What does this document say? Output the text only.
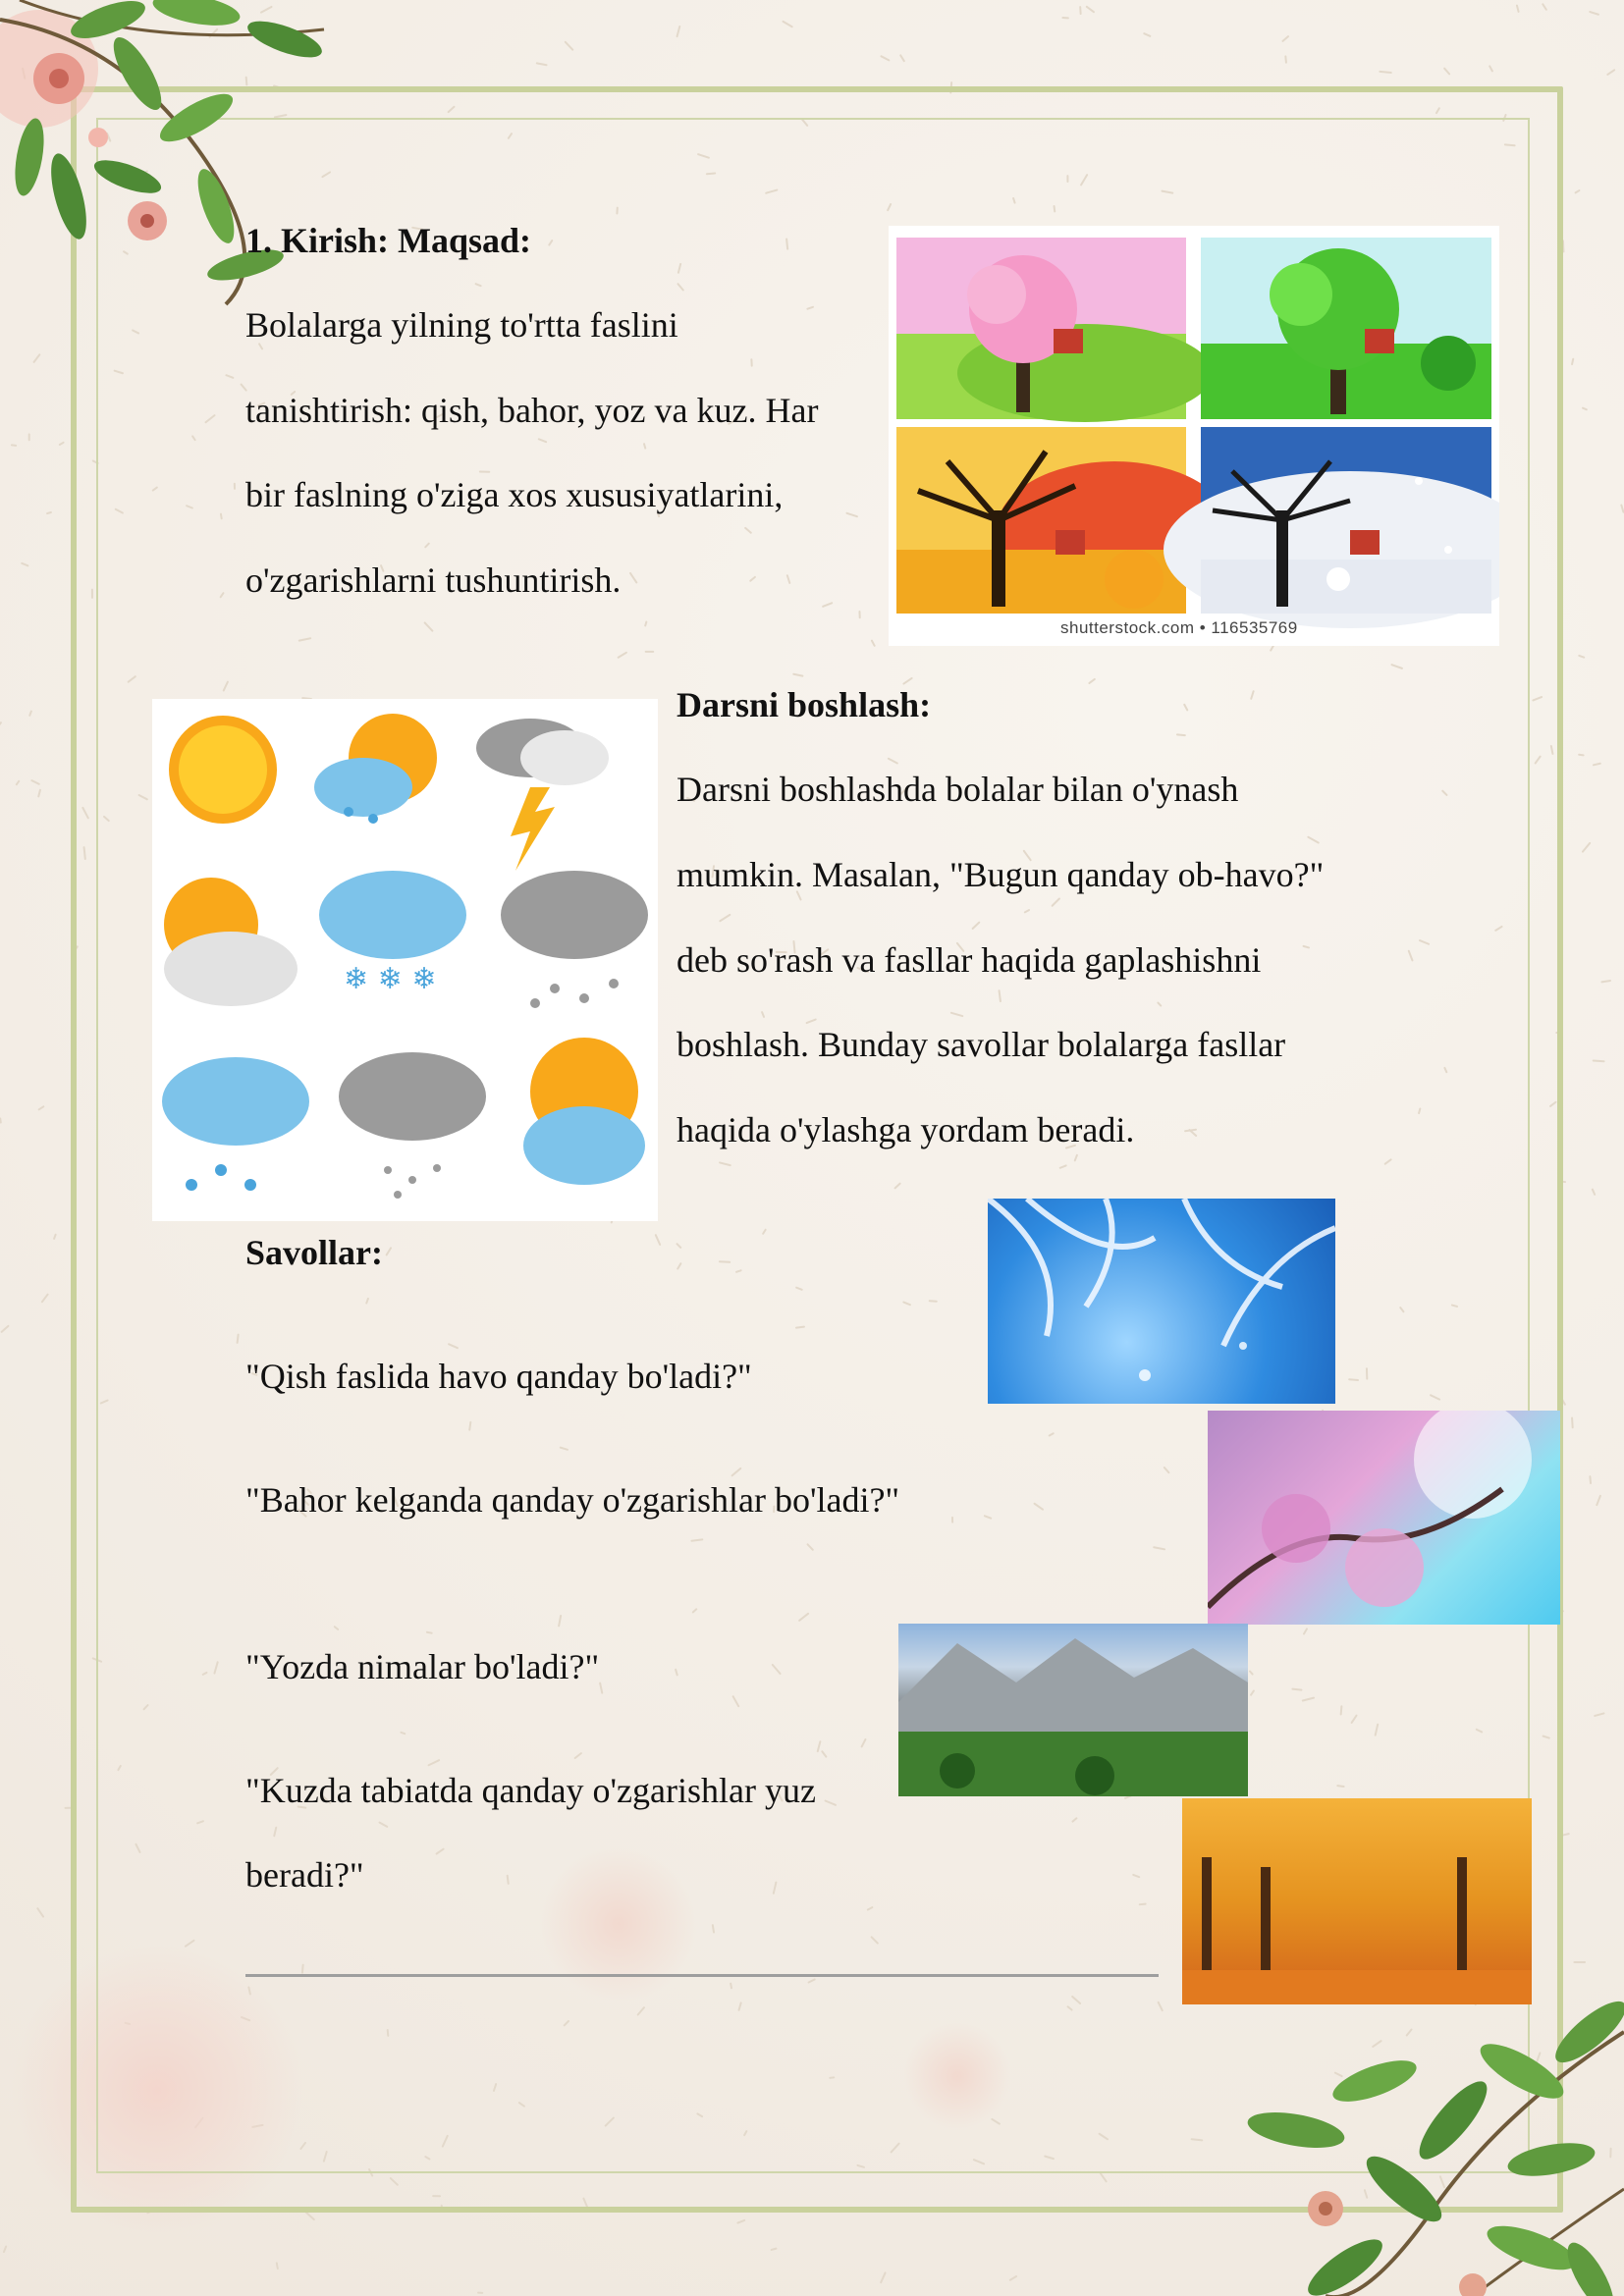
1. Kirish: Maqsad:
Bolalarga yilning to'rtta faslini
tanishtirish: qish, bahor, yoz va kuz. Har
bir faslning o'ziga xos xususiyatlarini,
o'zgarishlarni tushuntirish.
shutterstock.com • 116535769
❄ ❄ ❄
Darsni boshlash:
Darsni boshlashda bolalar bilan o'ynash
mumkin. Masalan, "Bugun qanday ob-havo?"
deb so'rash va fasllar haqida gaplashishni
boshlash. Bunday savollar bolalarga fasllar
haqida o'ylashga yordam beradi.
Savollar:
"Qish faslida havo qanday bo'ladi?"
"Bahor kelganda qanday o'zgarishlar bo'ladi?"
"Yozda nimalar bo'ladi?"
"Kuzda tabiatda qanday o'zgarishlar yuz
beradi?"
